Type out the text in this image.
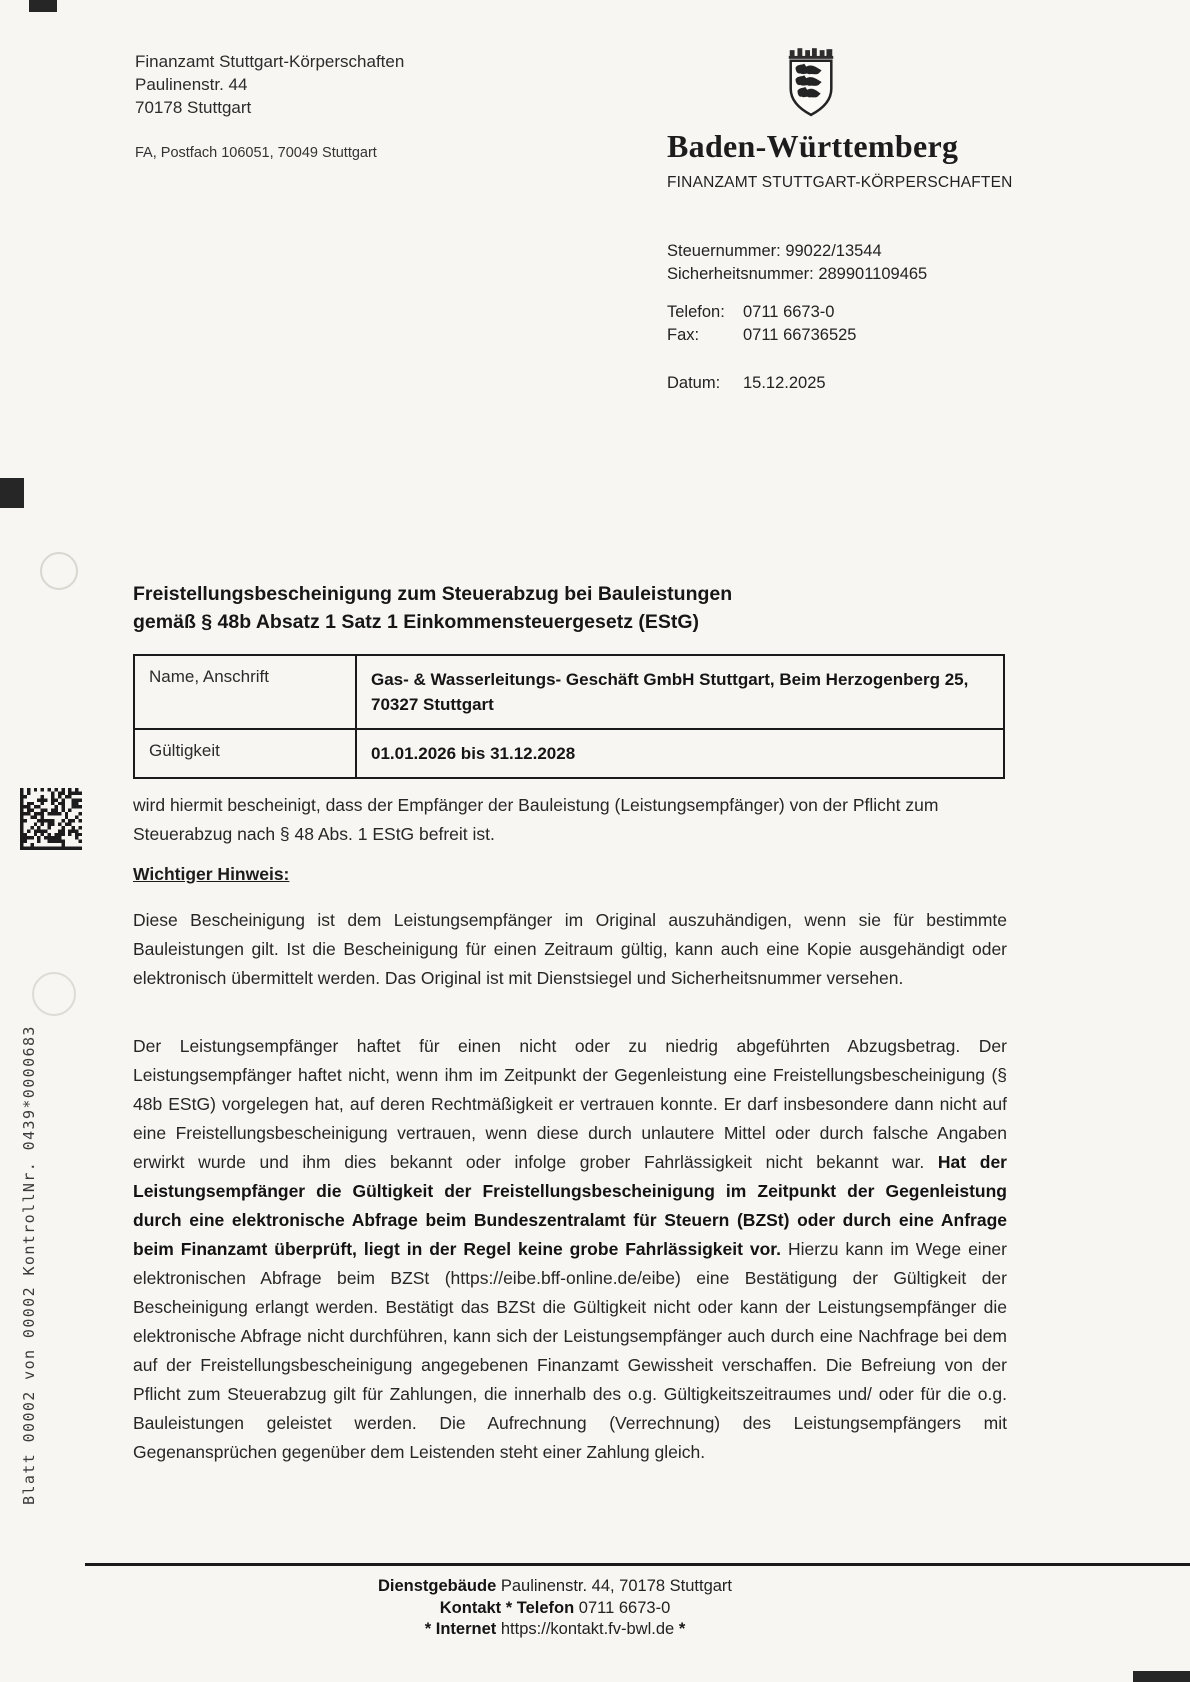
Finanzamt Stuttgart-Körperschaften
Paulinenstr. 44
70178 Stuttgart
FA, Postfach 106051, 70049 Stuttgart	Baden-Württemberg
FINANZAMT STUTTGART-KÖRPERSCHAFTEN
Steuernummer:
99022/13544
Sicherheitsnummer:
289901109465
Telefon:	0711 6673-0
Fax:	0711 66736525
Datum:	15.12.2025
Freistellungsbescheinigung zum Steuerabzug bei Bauleistungen
gemäß § 48b Absatz 1 Satz 1 Einkommensteuergesetz (EStG)
Name, Anschrift	Gas- & Wasserleitungs- Geschäft GmbH Stuttgart, Beim Herzogenberg 25, 70327 Stuttgart
Gültigkeit	01.01.2026 bis 31.12.2028
wird hiermit bescheinigt, dass der Empfänger der Bauleistung (Leistungsempfänger) von der Pflicht zum Steuerabzug nach § 48 Abs. 1 EStG befreit ist.
Wichtiger Hinweis:
Diese Bescheinigung ist dem Leistungsempfänger im Original auszuhändigen, wenn sie für bestimmte Bauleistungen gilt. Ist die Bescheinigung für einen Zeitraum gültig, kann auch eine Kopie ausgehändigt oder elektronisch übermittelt werden. Das Original ist mit Dienstsiegel und Sicherheitsnummer versehen.
Der Leistungsempfänger haftet für einen nicht oder zu niedrig abgeführten Abzugsbetrag. Der Leistungsempfänger haftet nicht, wenn ihm im Zeitpunkt der Gegenleistung eine Freistellungsbescheinigung (§ 48b EStG) vorgelegen hat, auf deren Rechtmäßigkeit er vertrauen konnte. Er darf insbesondere dann nicht auf eine Freistellungsbescheinigung vertrauen, wenn diese durch unlautere Mittel oder durch falsche Angaben erwirkt wurde und ihm dies bekannt oder infolge grober Fahrlässigkeit nicht bekannt war. Hat der Leistungsempfänger die Gültigkeit der Freistellungsbescheinigung im Zeitpunkt der Gegenleistung durch eine elektronische Abfrage beim Bundeszentralamt für Steuern (BZSt) oder durch eine Anfrage beim Finanzamt überprüft, liegt in der Regel keine grobe Fahrlässigkeit vor. Hierzu kann im Wege einer elektronischen Abfrage beim BZSt (https://eibe.bff-online.de/eibe) eine Bestätigung der Gültigkeit der Bescheinigung erlangt werden. Bestätigt das BZSt die Gültigkeit nicht oder kann der Leistungsempfänger die elektronische Abfrage nicht durchführen, kann sich der Leistungsempfänger auch durch eine Nachfrage bei dem auf der Freistellungsbescheinigung angegebenen Finanzamt Gewissheit verschaffen. Die Befreiung von der Pflicht zum Steuerabzug gilt für Zahlungen, die innerhalb des o.g. Gültigkeitszeitraumes und/ oder für die o.g. Bauleistungen geleistet werden. Die Aufrechnung (Verrechnung) des Leistungsempfängers mit Gegenansprüchen gegenüber dem Leistenden steht einer Zahlung gleich.
Dienstgebäude Paulinenstr. 44, 70178 Stuttgart
Kontakt * Telefon 0711 6673-0
* Internet https://kontakt.fv-bwl.de *
Blatt 00002 von 00002 KontrollNr. 0439*0000683
